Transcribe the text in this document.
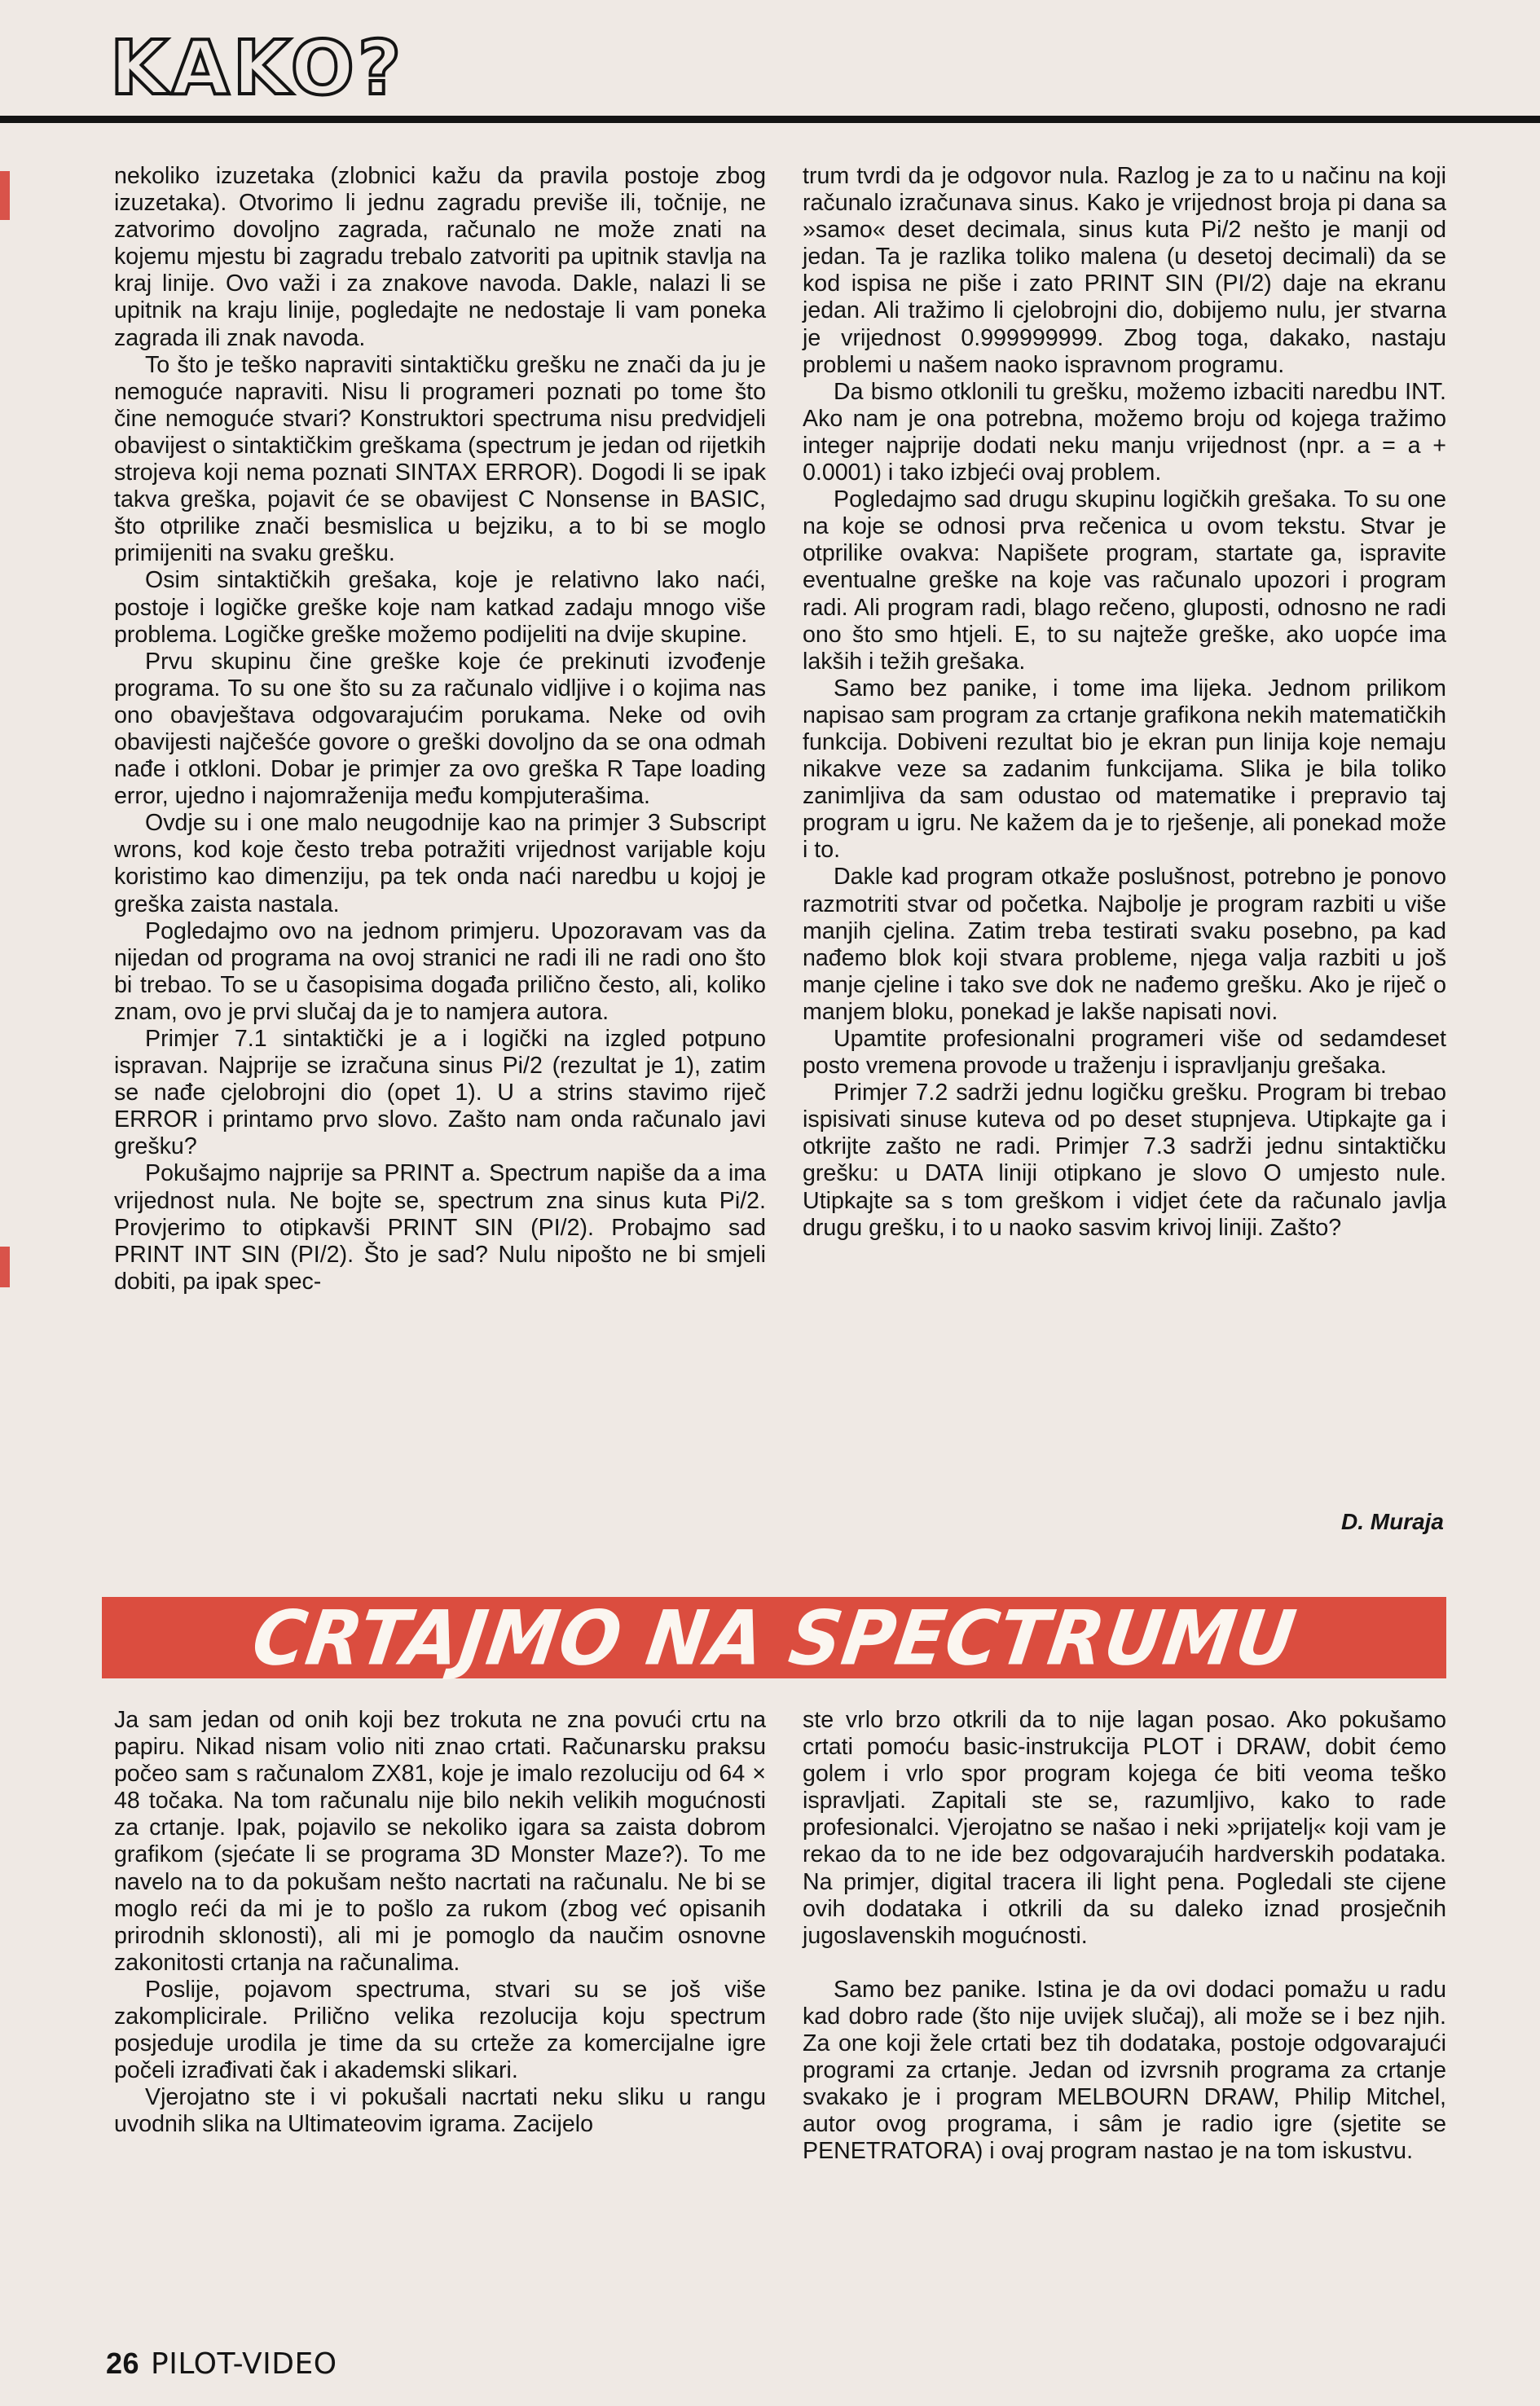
KAKO?

nekoliko izuzetaka (zlobnici kažu da pravila postoje zbog izuzetaka). Otvorimo li jednu zagradu previše ili, točnije, ne zatvorimo dovoljno zagrada, računalo ne može znati na kojemu mjestu bi zagradu trebalo zatvoriti pa upitnik stavlja na kraj linije. Ovo važi i za znakove navoda. Dakle, nalazi li se upitnik na kraju linije, pogledajte ne nedostaje li vam poneka zagrada ili znak navoda.

To što je teško napraviti sintaktičku grešku ne znači da ju je nemoguće napraviti. Nisu li programeri poznati po tome što čine nemoguće stvari? Konstruktori spectruma nisu predvidjeli obavijest o sintaktičkim greškama (spectrum je jedan od rijetkih strojeva koji nema poznati SINTAX ERROR). Dogodi li se ipak takva greška, pojavit će se obavijest C Nonsense in BASIC, što otprilike znači besmislica u bejziku, a to bi se moglo primijeniti na svaku grešku.

Osim sintaktičkih grešaka, koje je relativno lako naći, postoje i logičke greške koje nam katkad zadaju mnogo više problema. Logičke greške možemo podijeliti na dvije skupine.

Prvu skupinu čine greške koje će prekinuti izvođenje programa. To su one što su za računalo vidljive i o kojima nas ono obavještava odgovarajućim porukama. Neke od ovih obavijesti najčešće govore o greški dovoljno da se ona odmah nađe i otkloni. Dobar je primjer za ovo greška R Tape loading error, ujedno i najomraženija među kompjuterašima.

Ovdje su i one malo neugodnije kao na primjer 3 Subscript wrons, kod koje često treba potražiti vrijednost varijable koju koristimo kao dimenziju, pa tek onda naći naredbu u kojoj je greška zaista nastala.

Pogledajmo ovo na jednom primjeru. Upozoravam vas da nijedan od programa na ovoj stranici ne radi ili ne radi ono što bi trebao. To se u časopisima događa prilično često, ali, koliko znam, ovo je prvi slučaj da je to namjera autora.

Primjer 7.1 sintaktički je a i logički na izgled potpuno ispravan. Najprije se izračuna sinus Pi/2 (rezultat je 1), zatim se nađe cjelobrojni dio (opet 1). U a strins stavimo riječ ERROR i printamo prvo slovo. Zašto nam onda računalo javi grešku?

Pokušajmo najprije sa PRINT a. Spectrum napiše da a ima vrijednost nula. Ne bojte se, spectrum zna sinus kuta Pi/2. Provjerimo to otipkavši PRINT SIN (PI/2). Probajmo sad PRINT INT SIN (PI/2). Što je sad? Nulu nipošto ne bi smjeli dobiti, pa ipak spec-

trum tvrdi da je odgovor nula. Razlog je za to u načinu na koji računalo izračunava sinus. Kako je vrijednost broja pi dana sa »samo« deset decimala, sinus kuta Pi/2 nešto je manji od jedan. Ta je razlika toliko malena (u desetoj decimali) da se kod ispisa ne piše i zato PRINT SIN (PI/2) daje na ekranu jedan. Ali tražimo li cjelobrojni dio, dobijemo nulu, jer stvarna je vrijednost 0.999999999. Zbog toga, dakako, nastaju problemi u našem naoko ispravnom programu.

Da bismo otklonili tu grešku, možemo izbaciti naredbu INT. Ako nam je ona potrebna, možemo broju od kojega tražimo integer najprije dodati neku manju vrijednost (npr. a = a + 0.0001) i tako izbjeći ovaj problem.

Pogledajmo sad drugu skupinu logičkih grešaka. To su one na koje se odnosi prva rečenica u ovom tekstu. Stvar je otprilike ovakva: Napišete program, startate ga, ispravite eventualne greške na koje vas računalo upozori i program radi. Ali program radi, blago rečeno, gluposti, odnosno ne radi ono što smo htjeli. E, to su najteže greške, ako uopće ima lakših i težih grešaka.

Samo bez panike, i tome ima lijeka. Jednom prilikom napisao sam program za crtanje grafikona nekih matematičkih funkcija. Dobiveni rezultat bio je ekran pun linija koje nemaju nikakve veze sa zadanim funkcijama. Slika je bila toliko zanimljiva da sam odustao od matematike i prepravio taj program u igru. Ne kažem da je to rješenje, ali ponekad može i to.

Dakle kad program otkaže poslušnost, potrebno je ponovo razmotriti stvar od početka. Najbolje je program razbiti u više manjih cjelina. Zatim treba testirati svaku posebno, pa kad nađemo blok koji stvara probleme, njega valja razbiti u još manje cjeline i tako sve dok ne nađemo grešku. Ako je riječ o manjem bloku, ponekad je lakše napisati novi.

Upamtite profesionalni programeri više od sedamdeset posto vremena provode u traženju i ispravljanju grešaka.

Primjer 7.2 sadrži jednu logičku grešku. Program bi trebao ispisivati sinuse kuteva od po deset stupnjeva. Utipkajte ga i otkrijte zašto ne radi. Primjer 7.3 sadrži jednu sintaktičku grešku: u DATA liniji otipkano je slovo O umjesto nule. Utipkajte sa s tom greškom i vidjet ćete da računalo javlja drugu grešku, i to u naoko sasvim krivoj liniji. Zašto?

D. Muraja
CRTAJMO NA SPECTRUMU

Ja sam jedan od onih koji bez trokuta ne zna povući crtu na papiru. Nikad nisam volio niti znao crtati. Računarsku praksu počeo sam s računalom ZX81, koje je imalo rezoluciju od 64 × 48 točaka. Na tom računalu nije bilo nekih velikih mogućnosti za crtanje. Ipak, pojavilo se nekoliko igara sa zaista dobrom grafikom (sjećate li se programa 3D Monster Maze?). To me navelo na to da pokušam nešto nacrtati na računalu. Ne bi se moglo reći da mi je to pošlo za rukom (zbog već opisanih prirodnih sklonosti), ali mi je pomoglo da naučim osnovne zakonitosti crtanja na računalima.

Poslije, pojavom spectruma, stvari su se još više zakomplicirale. Prilično velika rezolucija koju spectrum posjeduje urodila je time da su crteže za komercijalne igre počeli izrađivati čak i akademski slikari.

Vjerojatno ste i vi pokušali nacrtati neku sliku u rangu uvodnih slika na Ultimateovim igrama. Zacijelo

ste vrlo brzo otkrili da to nije lagan posao. Ako pokušamo crtati pomoću basic-instrukcija PLOT i DRAW, dobit ćemo golem i vrlo spor program kojega će biti veoma teško ispravljati. Zapitali ste se, razumljivo, kako to rade profesionalci. Vjerojatno se našao i neki »prijatelj« koji vam je rekao da to ne ide bez odgovarajućih hardverskih podataka. Na primjer, digital tracera ili light pena. Pogledali ste cijene ovih dodataka i otkrili da su daleko iznad prosječnih jugoslavenskih mogućnosti.

Samo bez panike. Istina je da ovi dodaci pomažu u radu kad dobro rade (što nije uvijek slučaj), ali može se i bez njih. Za one koji žele crtati bez tih dodataka, postoje odgovarajući programi za crtanje. Jedan od izvrsnih programa za crtanje svakako je i program MELBOURN DRAW, Philip Mitchel, autor ovog programa, i sâm je radio igre (sjetite se PENETRATORA) i ovaj program nastao je na tom iskustvu.

26 PILOT-VIDEO
